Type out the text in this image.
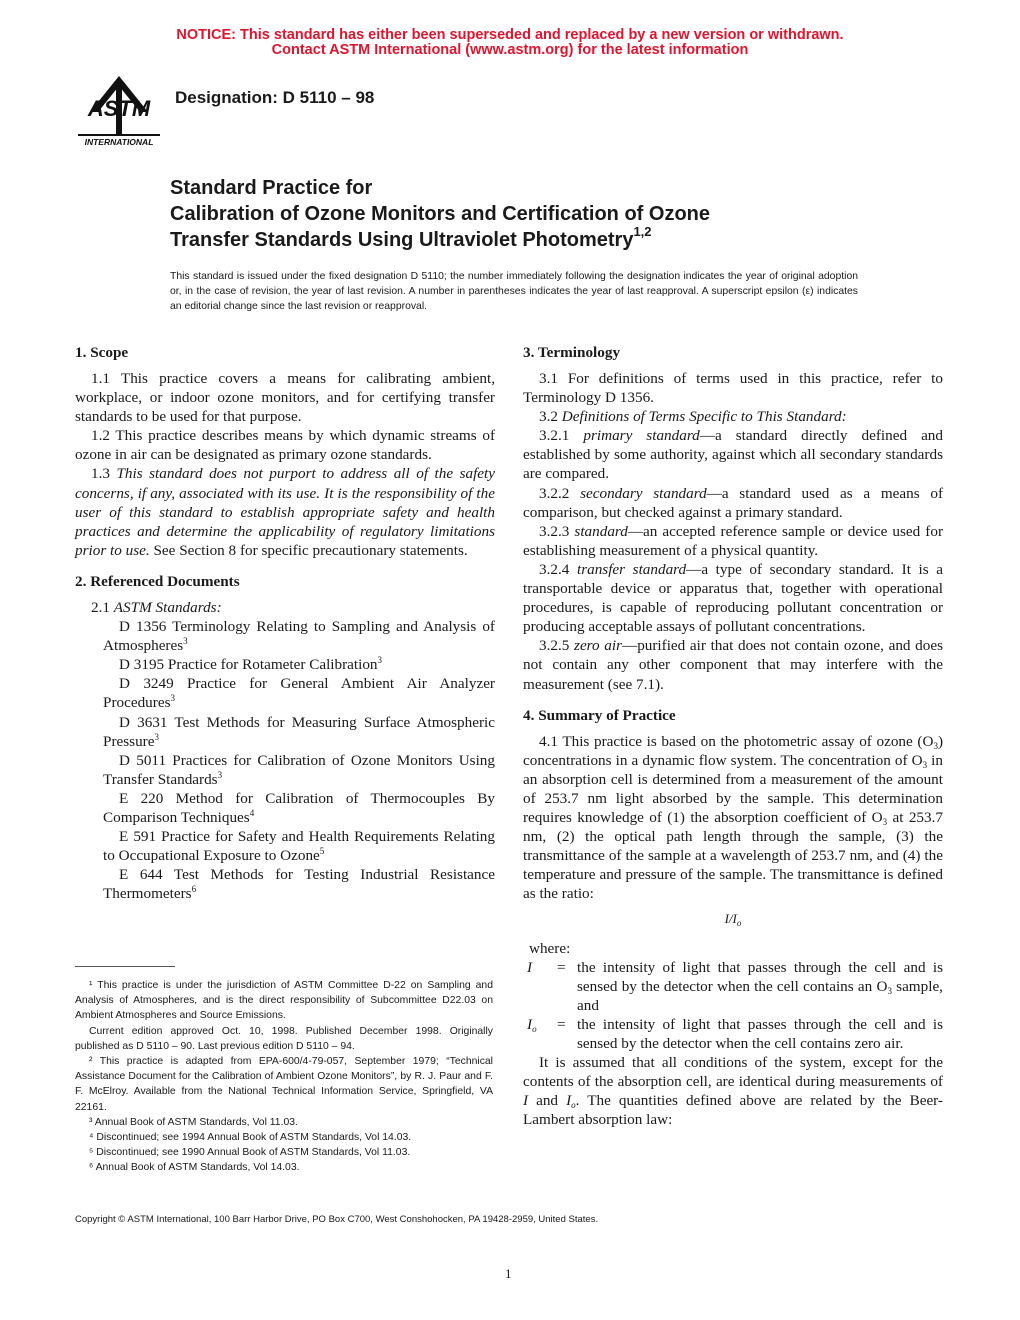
NOTICE: This standard has either been superseded and replaced by a new version or withdrawn.
Contact ASTM International (www.astm.org) for the latest information
ASTM
INTERNATIONAL
Designation: D 5110 – 98
Standard Practice for
Calibration of Ozone Monitors and Certification of Ozone
Transfer Standards Using Ultraviolet Photometry$^{1,2}$
This standard is issued under the fixed designation D 5110; the number immediately following the designation indicates the year of original adoption or, in the case of revision, the year of last revision. A number in parentheses indicates the year of last reapproval. A superscript epsilon (ε) indicates an editorial change since the last revision or reapproval.
1. Scope

1.1 This practice covers a means for calibrating ambient, workplace, or indoor ozone monitors, and for certifying transfer standards to be used for that purpose.

1.2 This practice describes means by which dynamic streams of ozone in air can be designated as primary ozone standards.

1.3 This standard does not purport to address all of the safety concerns, if any, associated with its use. It is the responsibility of the user of this standard to establish appropriate safety and health practices and determine the applicability of regulatory limitations prior to use. See Section 8 for specific precautionary statements.

2. Referenced Documents

2.1 ASTM Standards:

D 1356 Terminology Relating to Sampling and Analysis of Atmospheres$^3$

D 3195 Practice for Rotameter Calibration$^3$

D 3249 Practice for General Ambient Air Analyzer Procedures$^3$

D 3631 Test Methods for Measuring Surface Atmospheric Pressure$^3$

D 5011 Practices for Calibration of Ozone Monitors Using Transfer Standards$^3$

E 220 Method for Calibration of Thermocouples By Comparison Techniques$^4$

E 591 Practice for Safety and Health Requirements Relating to Occupational Exposure to Ozone$^5$

E 644 Test Methods for Testing Industrial Resistance Thermometers$^6$

3. Terminology

3.1 For definitions of terms used in this practice, refer to Terminology D 1356.

3.2 Definitions of Terms Specific to This Standard:

3.2.1 primary standard—a standard directly defined and established by some authority, against which all secondary standards are compared.

3.2.2 secondary standard—a standard used as a means of comparison, but checked against a primary standard.

3.2.3 standard—an accepted reference sample or device used for establishing measurement of a physical quantity.

3.2.4 transfer standard—a type of secondary standard. It is a transportable device or apparatus that, together with operational procedures, is capable of reproducing pollutant concentration or producing acceptable assays of pollutant concentrations.

3.2.5 zero air—purified air that does not contain ozone, and does not contain any other component that may interfere with the measurement (see 7.1).

4. Summary of Practice

4.1 This practice is based on the photometric assay of ozone $(O_3)$ concentrations in a dynamic flow system. The concentration of $O_3$ in an absorption cell is determined from a measurement of the amount of 253.7 nm light absorbed by the sample. This determination requires knowledge of (1) the absorption coefficient of $O_3$ at 253.7 nm, (2) the optical path length through the sample, (3) the transmittance of the sample at a wavelength of 253.7 nm, and (4) the temperature and pressure of the sample. The transmittance is defined as the ratio:

$I/I_o$

where:

I	= the intensity of light that passes through the cell and is sensed by the detector when the cell contains an $O_3$ sample, and
$I_o$	= the intensity of light that passes through the cell and is sensed by the detector when the cell contains zero air.

It is assumed that all conditions of the system, except for the contents of the absorption cell, are identical during measurements of I and $I_o$. The quantities defined above are related by the Beer-Lambert absorption law:

¹ This practice is under the jurisdiction of ASTM Committee D-22 on Sampling and Analysis of Atmospheres, and is the direct responsibility of Subcommittee D22.03 on Ambient Atmospheres and Source Emissions.

Current edition approved Oct. 10, 1998. Published December 1998. Originally published as D 5110 – 90. Last previous edition D 5110 – 94.

² This practice is adapted from EPA-600/4-79-057, September 1979; “Technical Assistance Document for the Calibration of Ambient Ozone Monitors”, by R. J. Paur and F. F. McElroy. Available from the National Technical Information Service, Springfield, VA 22161.

³ Annual Book of ASTM Standards, Vol 11.03.

⁴ Discontinued; see 1994 Annual Book of ASTM Standards, Vol 14.03.

⁵ Discontinued; see 1990 Annual Book of ASTM Standards, Vol 11.03.

⁶ Annual Book of ASTM Standards, Vol 14.03.

Copyright © ASTM International, 100 Barr Harbor Drive, PO Box C700, West Conshohocken, PA 19428-2959, United States.
1
